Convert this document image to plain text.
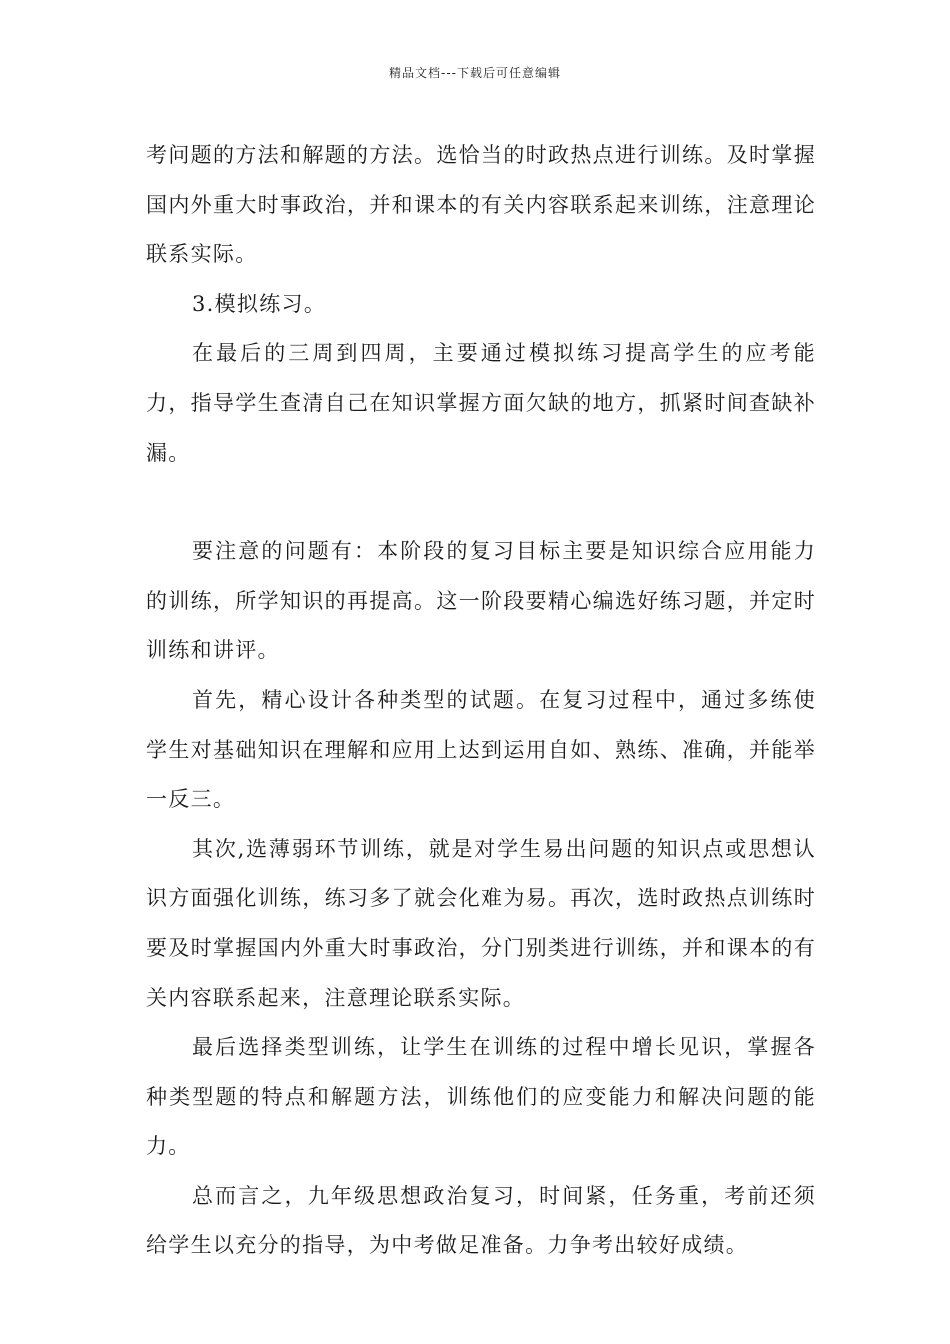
精品文档---下载后可任意编辑

考问题的方法和解题的方法。选恰当的时政热点进行训练。及时掌握国内外重大时事政治，并和课本的有关内容联系起来训练，注意理论联系实际。

3.模拟练习。

在最后的三周到四周，主要通过模拟练习提高学生的应考能力，指导学生查清自己在知识掌握方面欠缺的地方，抓紧时间查缺补漏。

要注意的问题有：本阶段的复习目标主要是知识综合应用能力的训练，所学知识的再提高。这一阶段要精心编选好练习题，并定时训练和讲评。

首先，精心设计各种类型的试题。在复习过程中，通过多练使学生对基础知识在理解和应用上达到运用自如、熟练、准确，并能举一反三。

其次,选薄弱环节训练，就是对学生易出问题的知识点或思想认识方面强化训练，练习多了就会化难为易。再次，选时政热点训练时要及时掌握国内外重大时事政治，分门别类进行训练，并和课本的有关内容联系起来，注意理论联系实际。

最后选择类型训练，让学生在训练的过程中增长见识，掌握各种类型题的特点和解题方法，训练他们的应变能力和解决问题的能力。

总而言之，九年级思想政治复习，时间紧，任务重，考前还须给学生以充分的指导，为中考做足准备。力争考出较好成绩。
